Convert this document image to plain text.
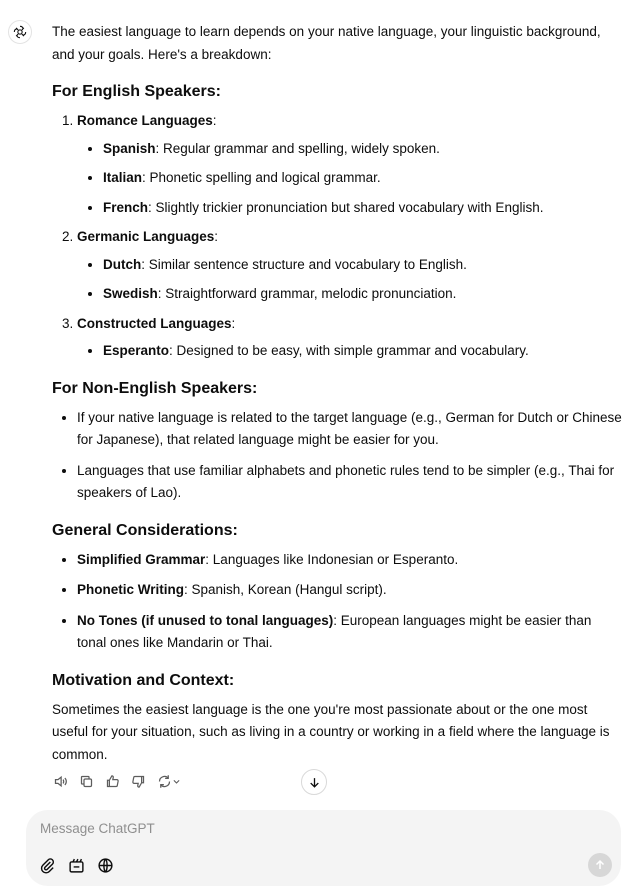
The easiest language to learn depends on your native language, your linguistic background, and your goals. Here's a breakdown:

For English Speakers:
1. Romance Languages:
• Spanish: Regular grammar and spelling, widely spoken.
• Italian: Phonetic spelling and logical grammar.
• French: Slightly trickier pronunciation but shared vocabulary with English.
2. Germanic Languages:
• Dutch: Similar sentence structure and vocabulary to English.
• Swedish: Straightforward grammar, melodic pronunciation.
3. Constructed Languages:
• Esperanto: Designed to be easy, with simple grammar and vocabulary.
For Non-English Speakers:
• If your native language is related to the target language (e.g., German for Dutch or Chinese for Japanese), that related language might be easier for you.
• Languages that use familiar alphabets and phonetic rules tend to be simpler (e.g., Thai for speakers of Lao).
General Considerations:
• Simplified Grammar: Languages like Indonesian or Esperanto.
• Phonetic Writing: Spanish, Korean (Hangul script).
• No Tones (if unused to tonal languages): European languages might be easier than tonal ones like Mandarin or Thai.
Motivation and Context:

Sometimes the easiest language is the one you're most passionate about or the one most useful for your situation, such as living in a country or working in a field where the language is common.

Message ChatGPT
